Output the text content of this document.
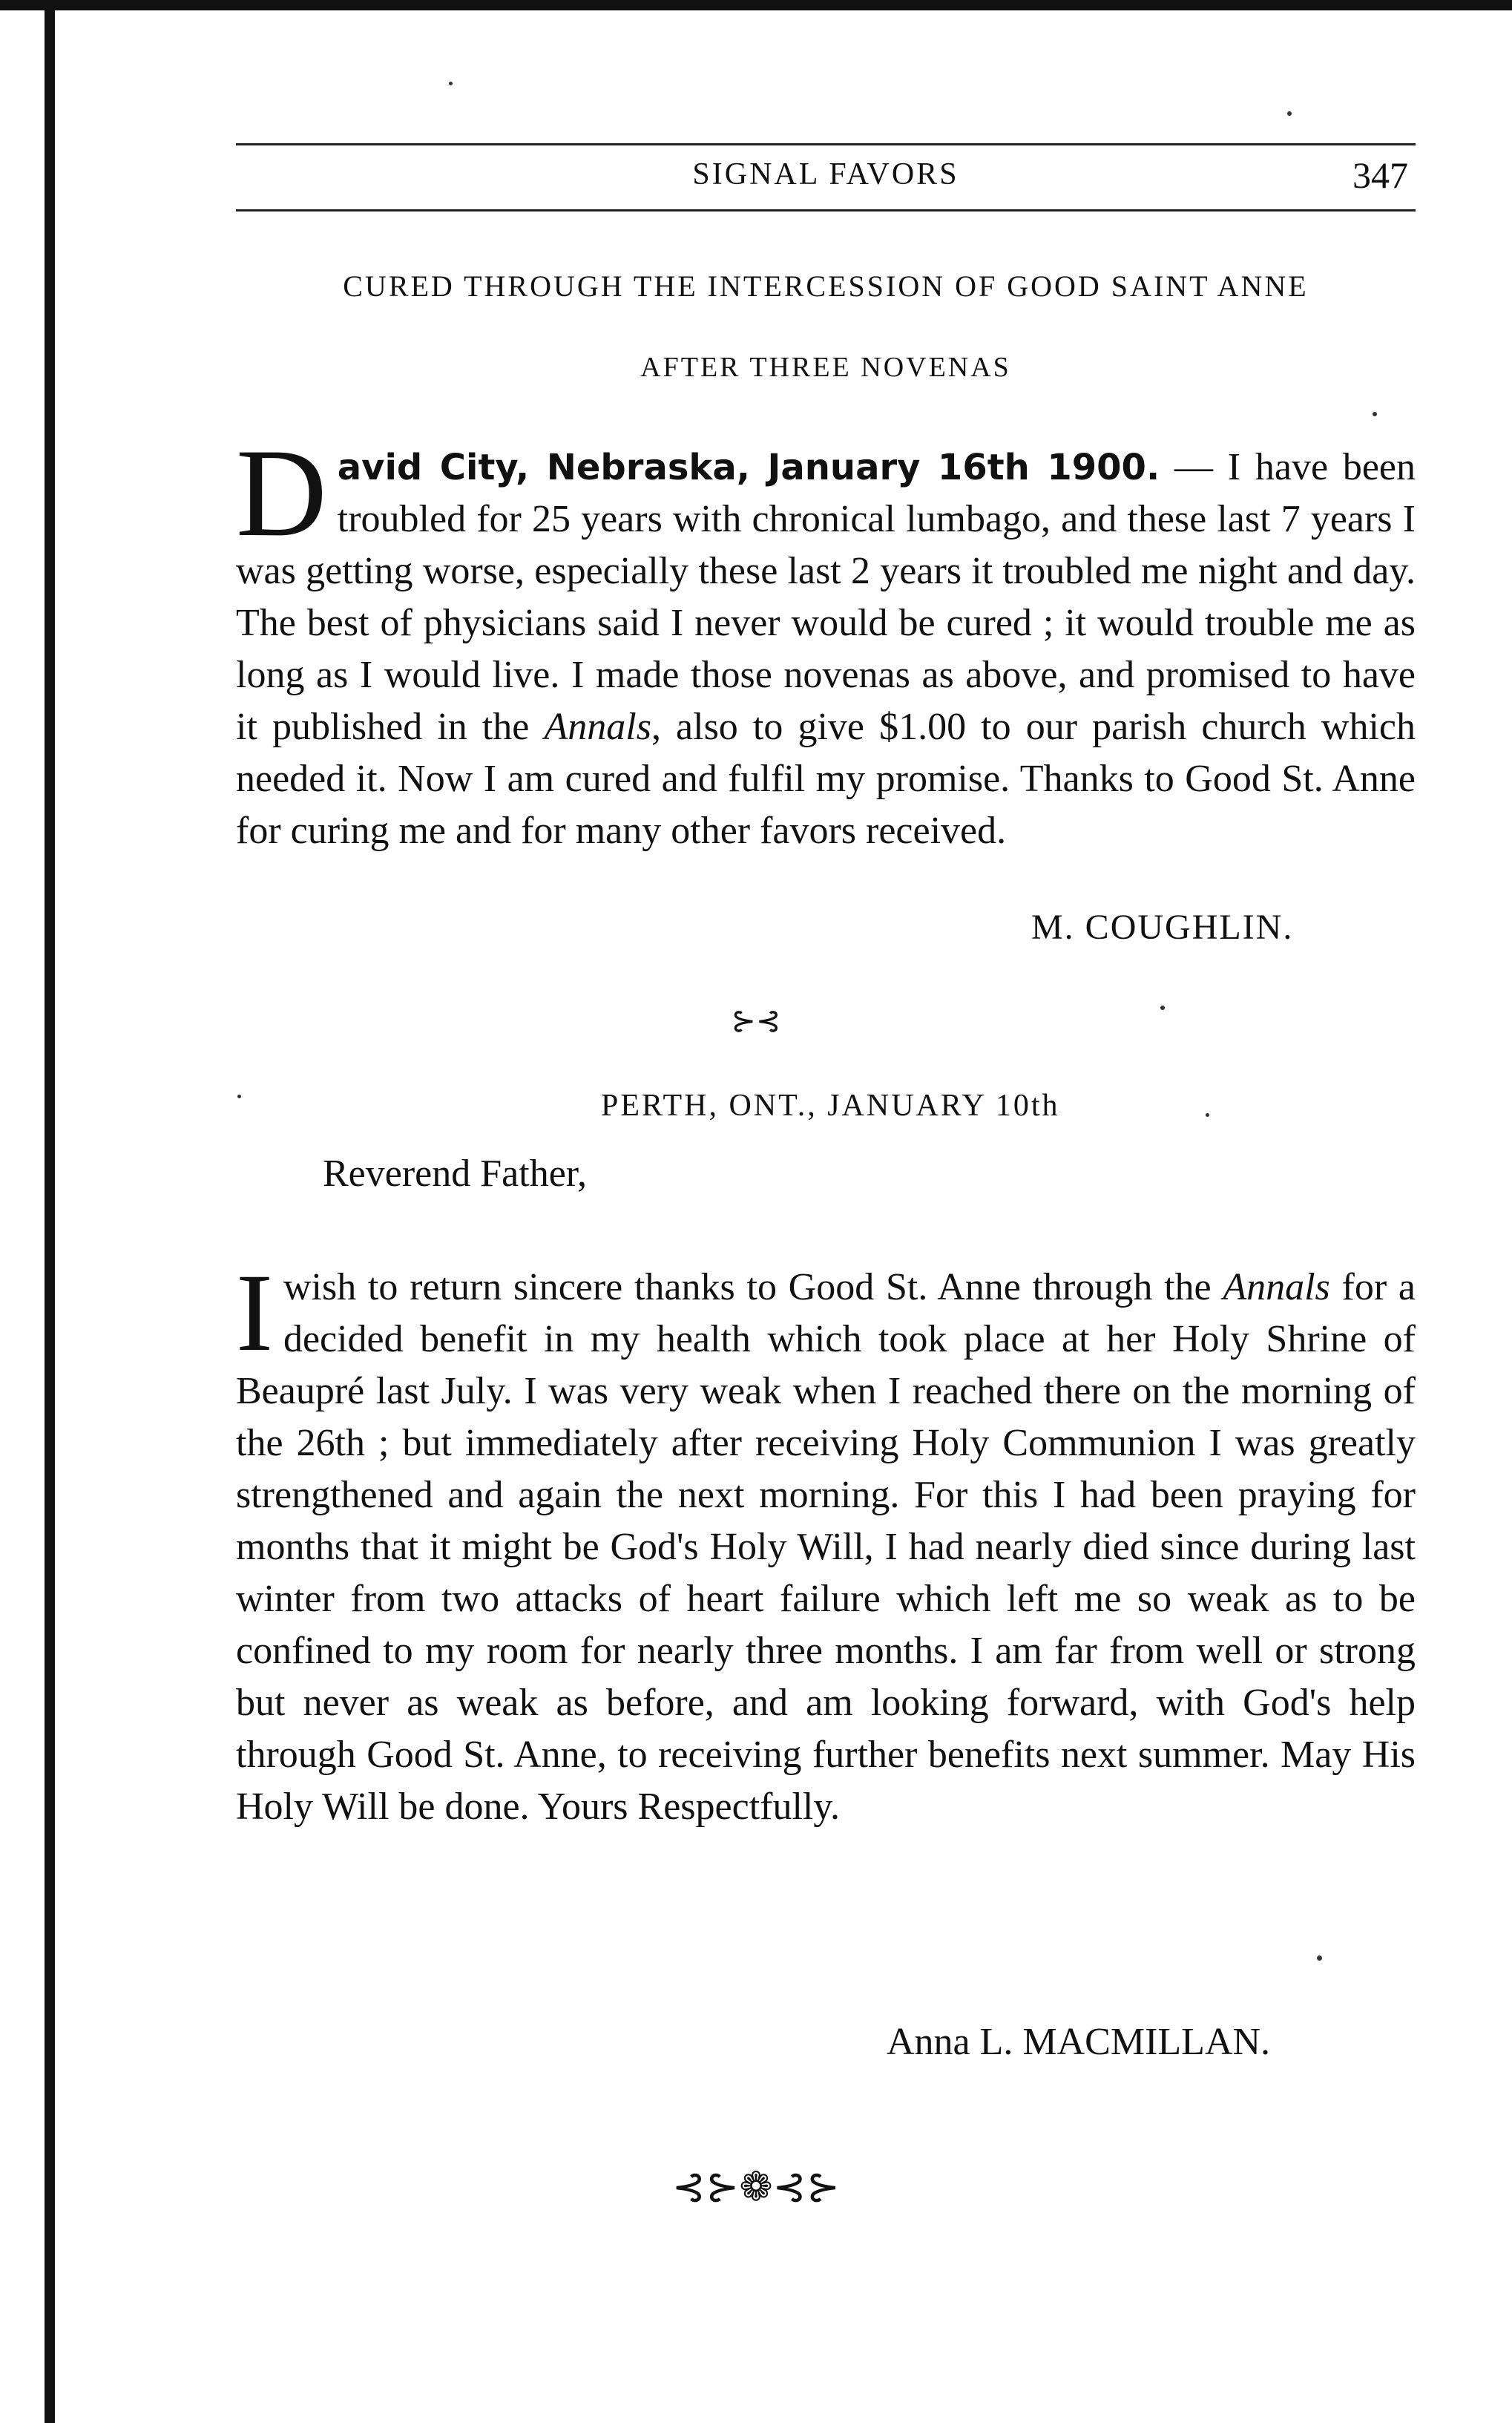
SIGNAL FAVORS	347
CURED THROUGH THE INTERCESSION OF GOOD SAINT ANNE
AFTER THREE NOVENAS

David City, Nebraska, January 16th 1900. — I have been troubled for 25 years with chronical lumbago, and these last 7 years I was getting worse, especially these last 2 years it troubled me night and day. The best of physicians said I never would be cured ; it would trouble me as long as I would live. I made those novenas as above, and promised to have it published in the Annals, also to give $1.00 to our parish church which needed it. Now I am cured and fulfil my promise. Thanks to Good St. Anne for curing me and for many other favors received.

M. COUGHLIN.
⊱⊰
PERTH, ONT., JANUARY 10th
Reverend Father,

I wish to return sincere thanks to Good St. Anne through the Annals for a decided benefit in my health which took place at her Holy Shrine of Beaupré last July. I was very weak when I reached there on the morning of the 26th ; but immediately after receiving Holy Communion I was greatly strengthened and again the next morning. For this I had been praying for months that it might be God's Holy Will, I had nearly died since during last winter from two attacks of heart failure which left me so weak as to be confined to my room for nearly three months. I am far from well or strong but never as weak as before, and am looking forward, with God's help through Good St. Anne, to receiving further benefits next summer. May His Holy Will be done. Yours Respectfully.

Anna L. MACMILLAN.
⊰⊱❁⊰⊱
